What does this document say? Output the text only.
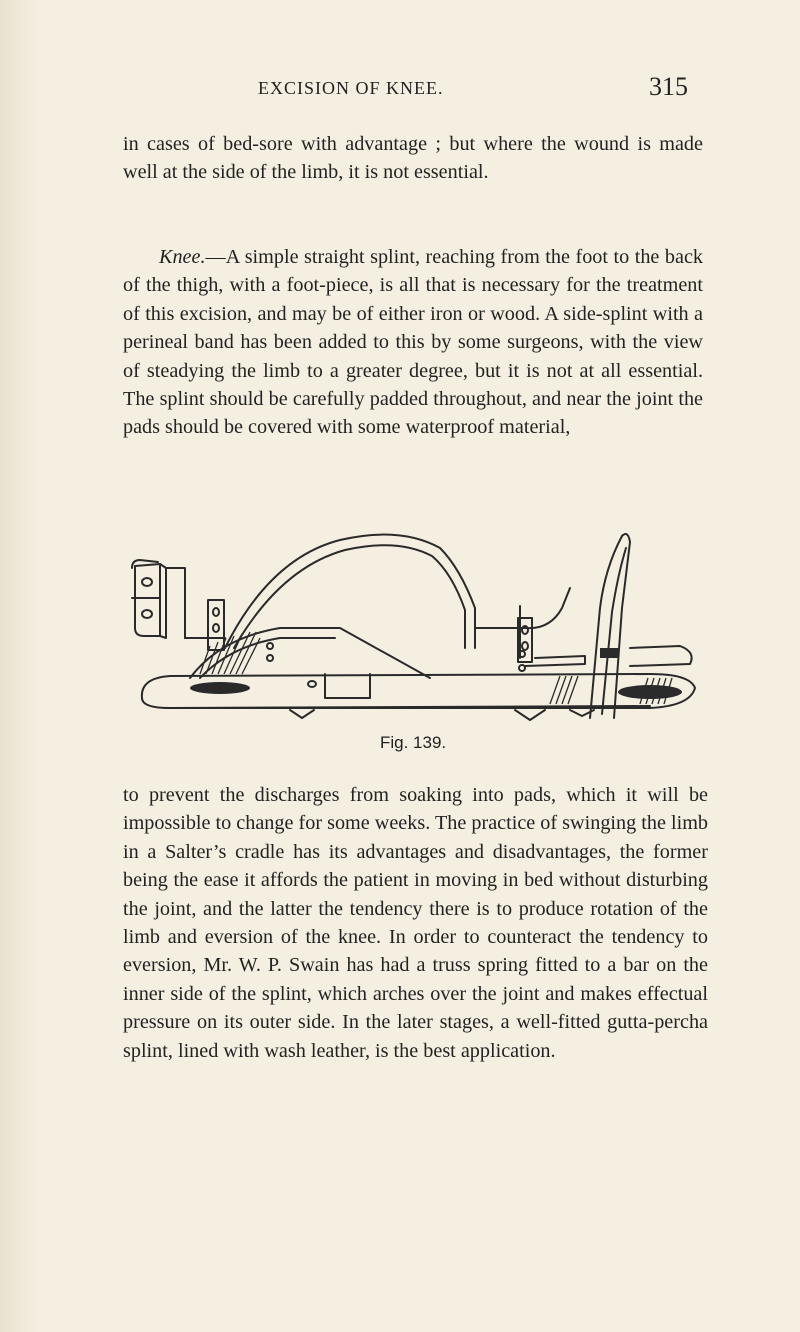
EXCISION OF KNEE.	315

in cases of bed-sore with advantage ; but where the wound is made well at the side of the limb, it is not essential.

Knee.—A simple straight splint, reaching from the foot to the back of the thigh, with a foot-piece, is all that is necessary for the treatment of this excision, and may be of either iron or wood. A side-splint with a perineal band has been added to this by some surgeons, with the view of steadying the limb to a greater degree, but it is not at all essential. The splint should be carefully padded throughout, and near the joint the pads should be covered with some waterproof material,

Fig. 139.

to prevent the discharges from soaking into pads, which it will be impossible to change for some weeks. The practice of swinging the limb in a Salter’s cradle has its advantages and disadvantages, the former being the ease it affords the patient in moving in bed without disturbing the joint, and the latter the tendency there is to produce rotation of the limb and eversion of the knee. In order to counteract the tendency to eversion, Mr. W. P. Swain has had a truss spring fitted to a bar on the inner side of the splint, which arches over the joint and makes effectual pressure on its outer side. In the later stages, a well-fitted gutta-percha splint, lined with wash leather, is the best application.
